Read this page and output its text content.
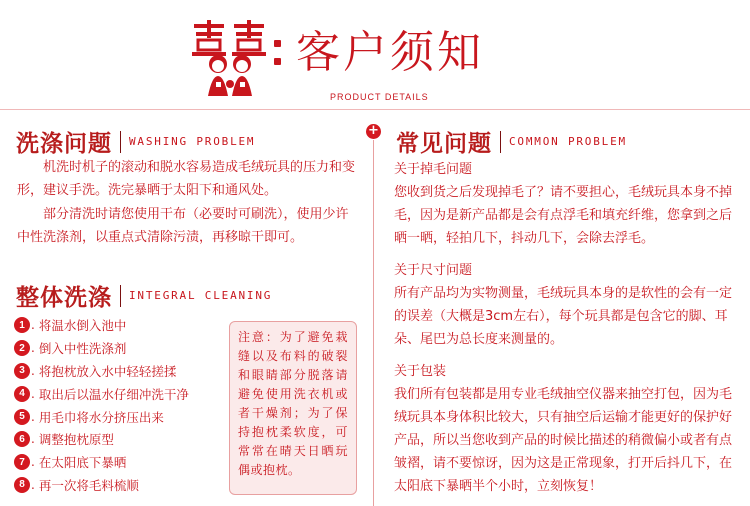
客户须知
PRODUCT DETAILS
+
洗涤问题 WASHING PROBLEM
机洗时机子的滚动和脱水容易造成毛绒玩具的压力和变形，建议手洗。洗完暴晒于太阳下和通风处。
部分清洗时请您使用干布（必要时可刷洗），使用少许中性洗涤剂，以重点式清除污渍，再移晾干即可。
整体洗涤 INTEGRAL CLEANING
1 . 将温水倒入池中
2 . 倒入中性洗涤剂
3 . 将抱枕放入水中轻轻搓揉
4 . 取出后以温水仔细冲洗干净
5 . 用毛巾将水分挤压出来
6 . 调整抱枕原型
7 . 在太阳底下暴晒
8 . 再一次将毛料梳顺
注意：为了避免栽缝以及布料的破裂和眼睛部分脱落请避免使用洗衣机或者干燥剂；为了保持抱枕柔软度，可常常在晴天日晒玩偶或抱枕。
常见问题 COMMON PROBLEM
关于掉毛问题
您收到货之后发现掉毛了？请不要担心，毛绒玩具本身不掉毛，因为是新产品都是会有点浮毛和填充纤维，您拿到之后晒一晒，轻拍几下，抖动几下，会除去浮毛。
关于尺寸问题
所有产品均为实物测量，毛绒玩具本身的是软性的会有一定的误差（大概是3cm左右），每个玩具都是包含它的脚、耳朵、尾巴为总长度来测量的。
关于包装
我们所有包装都是用专业毛绒抽空仪器来抽空打包，因为毛绒玩具本身体积比较大，只有抽空后运输才能更好的保护好产品，所以当您收到产品的时候比描述的稍微偏小或者有点皱褶，请不要惊讶，因为这是正常现象，打开后抖几下，在太阳底下暴晒半个小时，立刻恢复！
